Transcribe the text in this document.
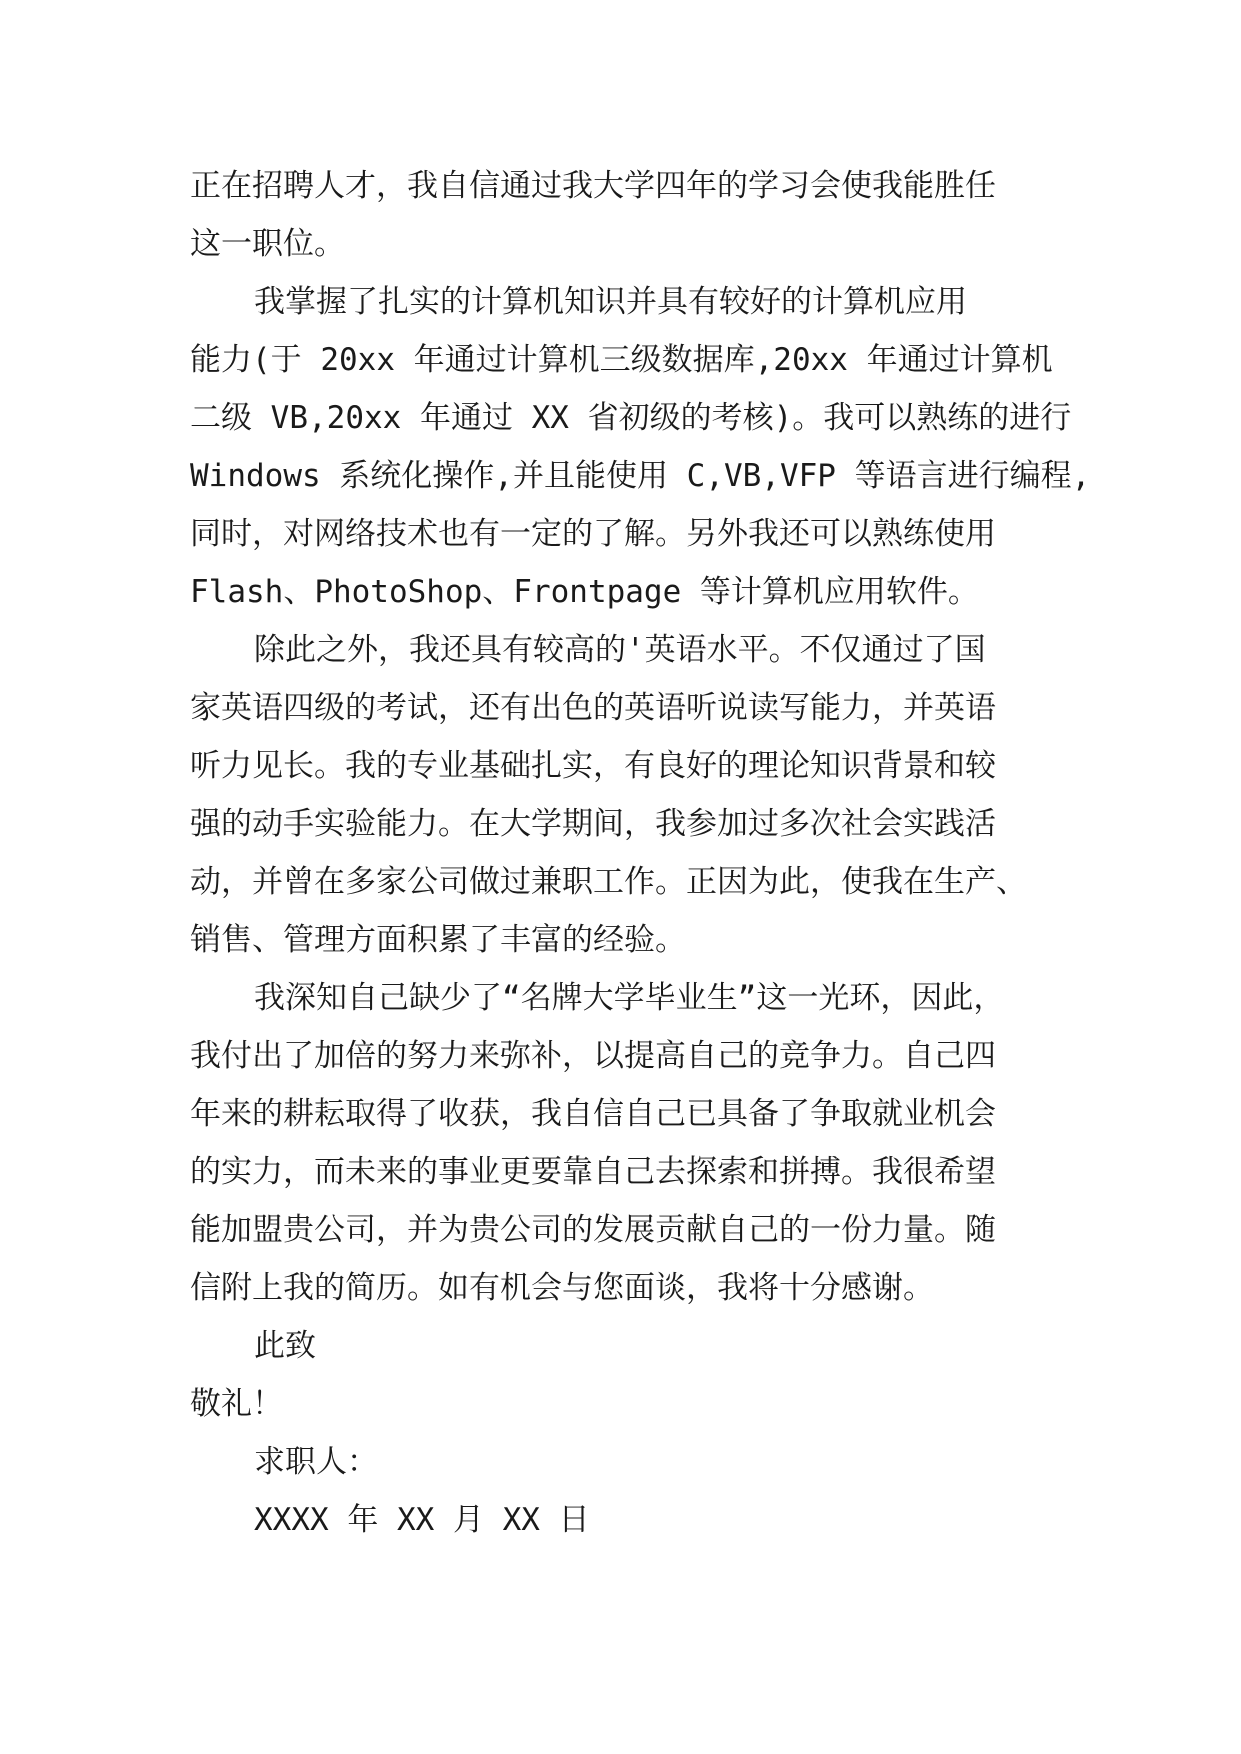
正在招聘人才，我自信通过我大学四年的学习会使我能胜任
这一职位。
我掌握了扎实的计算机知识并具有较好的计算机应用
能力(于 20xx 年通过计算机三级数据库,20xx 年通过计算机
二级 VB,20xx 年通过 XX 省初级的考核)。我可以熟练的进行
Windows 系统化操作,并且能使用 C,VB,VFP 等语言进行编程,
同时，对网络技术也有一定的了解。另外我还可以熟练使用
Flash、PhotoShop、Frontpage 等计算机应用软件。
除此之外，我还具有较高的'英语水平。不仅通过了国
家英语四级的考试，还有出色的英语听说读写能力，并英语
听力见长。我的专业基础扎实，有良好的理论知识背景和较
强的动手实验能力。在大学期间，我参加过多次社会实践活
动，并曾在多家公司做过兼职工作。正因为此，使我在生产、
销售、管理方面积累了丰富的经验。
我深知自己缺少了“名牌大学毕业生”这一光环，因此，
我付出了加倍的努力来弥补，以提高自己的竞争力。自己四
年来的耕耘取得了收获，我自信自己已具备了争取就业机会
的实力，而未来的事业更要靠自己去探索和拼搏。我很希望
能加盟贵公司，并为贵公司的发展贡献自己的一份力量。随
信附上我的简历。如有机会与您面谈，我将十分感谢。
此致
敬礼！
求职人：
XXXX 年 XX 月 XX 日
